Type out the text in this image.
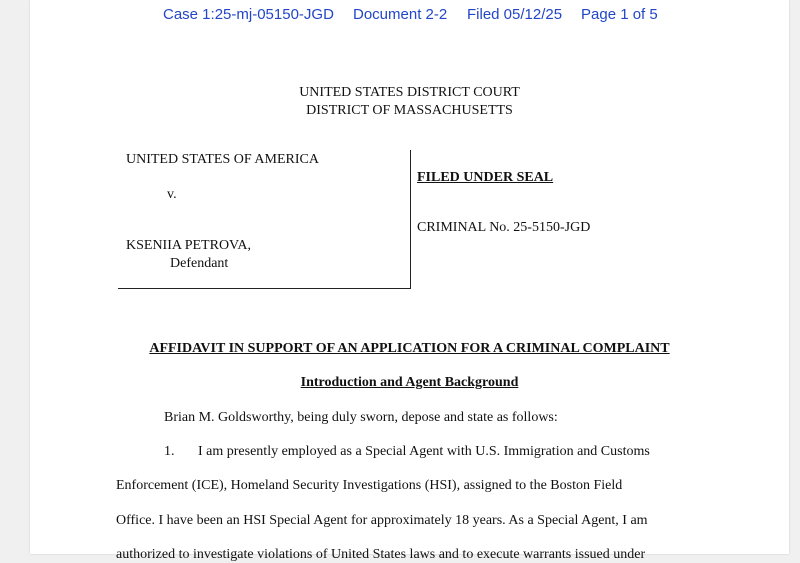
Case 1:25-mj-05150-JGD Document 2-2 Filed 05/12/25 Page 1 of 5
UNITED STATES DISTRICT COURT
DISTRICT OF MASSACHUSETTS
UNITED STATES OF AMERICA
v.
KSENIIA PETROVA,
Defendant
FILED UNDER SEAL
CRIMINAL No. 25-5150-JGD
AFFIDAVIT IN SUPPORT OF AN APPLICATION FOR A CRIMINAL COMPLAINT
Introduction and Agent Background
Brian M. Goldsworthy, being duly sworn, depose and state as follows:
1. I am presently employed as a Special Agent with U.S. Immigration and Customs
Enforcement (ICE), Homeland Security Investigations (HSI), assigned to the Boston Field
Office. I have been an HSI Special Agent for approximately 18 years. As a Special Agent, I am
authorized to investigate violations of United States laws and to execute warrants issued under
